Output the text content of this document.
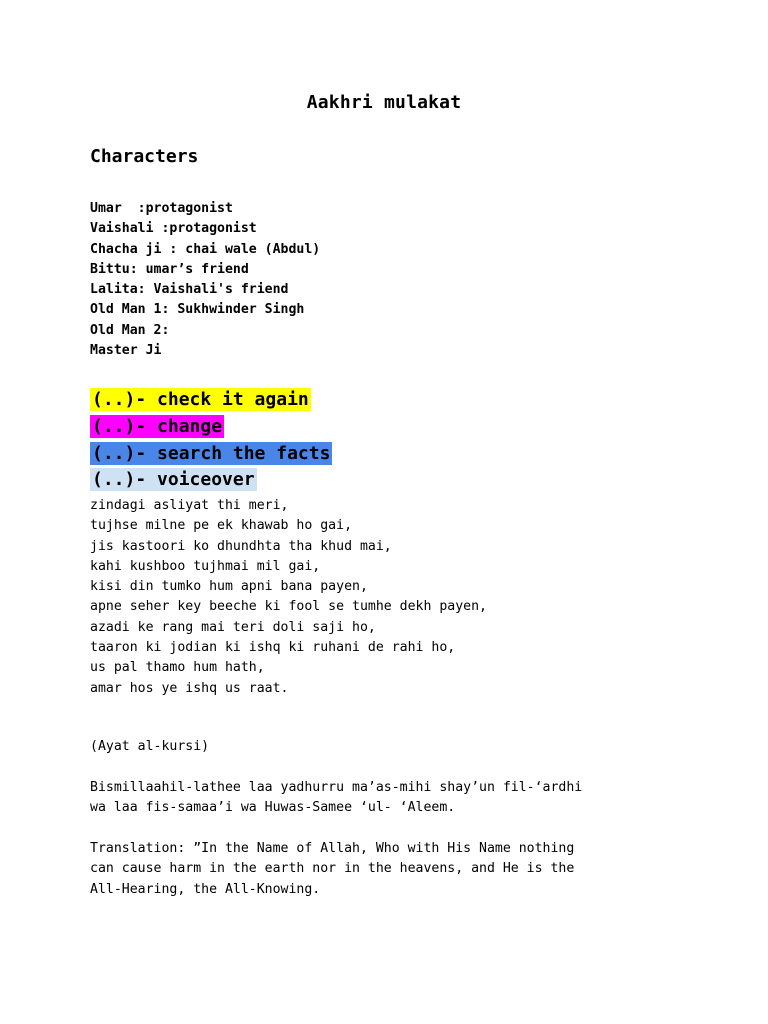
Aakhri mulakat
Characters
Umar  :protagonist
Vaishali :protagonist
Chacha ji : chai wale (Abdul)
Bittu: umar’s friend
Lalita: Vaishali's friend
Old Man 1: Sukhwinder Singh
Old Man 2:
Master Ji
(..)- check it again
(..)- change
(..)- search the facts
(..)- voiceover
zindagi asliyat thi meri,
tujhse milne pe ek khawab ho gai,
jis kastoori ko dhundhta tha khud mai,
kahi kushboo tujhmai mil gai,
kisi din tumko hum apni bana payen,
apne seher key beeche ki fool se tumhe dekh payen,
azadi ke rang mai teri doli saji ho,
taaron ki jodian ki ishq ki ruhani de rahi ho,
us pal thamo hum hath,
amar hos ye ishq us raat.
(Ayat al-kursi)
Bismillaahil-lathee laa yadhurru ma’as-mihi shay’un fil-‘ardhi
wa laa fis-samaa’i wa Huwas-Samee ‘ul- ‘Aleem.
Translation: ”In the Name of Allah, Who with His Name nothing
can cause harm in the earth nor in the heavens, and He is the
All-Hearing, the All-Knowing.
